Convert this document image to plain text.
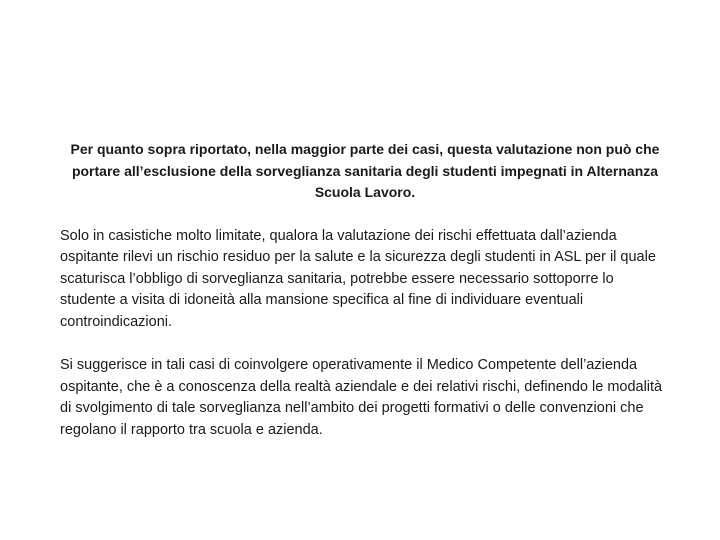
Per quanto sopra riportato, nella maggior parte dei casi, questa valutazione non può che portare all’esclusione della sorveglianza sanitaria degli studenti impegnati in Alternanza Scuola Lavoro.

Solo in casistiche molto limitate, qualora la valutazione dei rischi effettuata dall’azienda ospitante rilevi un rischio residuo per la salute e la sicurezza degli studenti in ASL per il quale scaturisca l’obbligo di sorveglianza sanitaria, potrebbe essere necessario sottoporre lo studente a visita di idoneità alla mansione specifica al fine di individuare eventuali controindicazioni.

Si suggerisce in tali casi di coinvolgere operativamente il Medico Competente dell’azienda ospitante, che è a conoscenza della realtà aziendale e dei relativi rischi, definendo le modalità di svolgimento di tale sorveglianza nell’ambito dei progetti formativi o delle convenzioni che regolano il rapporto tra scuola e azienda.
